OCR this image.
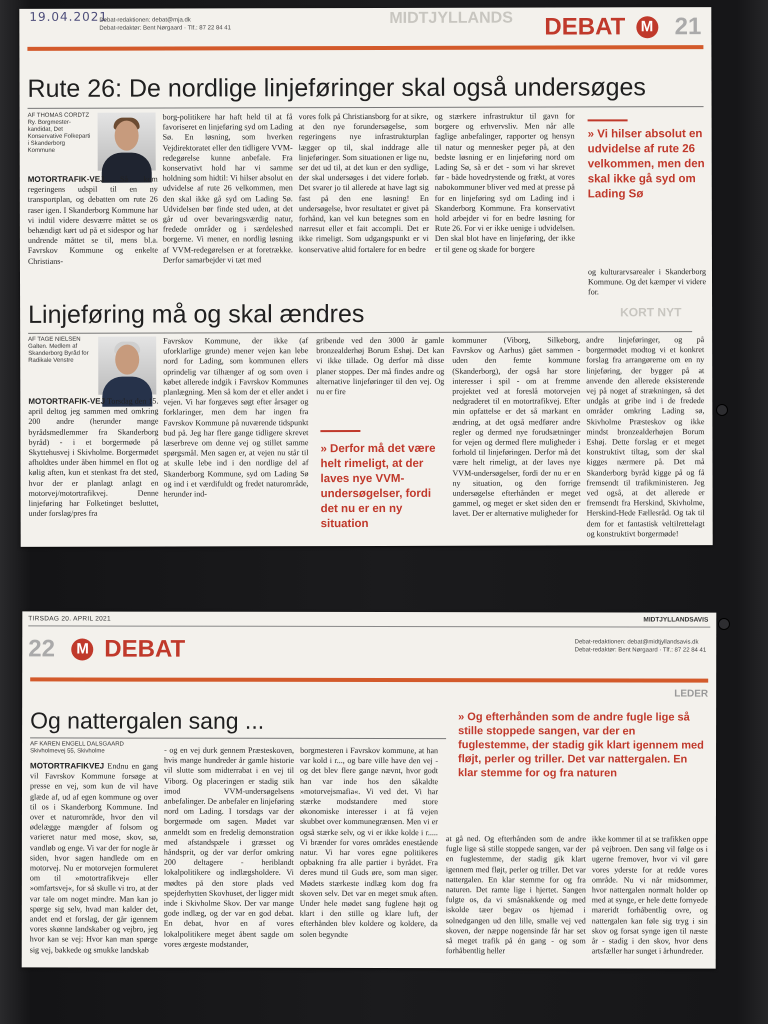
19.04.2021
Debat-redaktionen: debat@mja.dk
Debat-redaktør: Bent Nørgaard · Tlf.: 87 22 84 41
MIDTJYLLANDS DEBAT M 21
Rute 26: De nordlige linjeføringer skal også undersøges
AF THOMAS CORDTZ
Ry. Borgmester-
kandidat, Det
Konservative Folkeparti
i Skanderborg
Kommune
MOTORTRAFIK-VEJ Så kom regeringens udspil til en ny transportplan, og debatten om rute 26 raser igen. I Skanderborg Kommune har vi indtil videre desværre måttet se os behændigt kørt ud på et sidespor og har undrende måttet se til, mens bl.a. Favrskov Kommune og enkelte Christians-
borg-politikere har haft held til at få favoriseret en linjeføring syd om Lading Sø. En løsning, som hverken Vejdirektoratet eller den tidligere VVM-redegørelse kunne anbefale. Fra konservativt hold har vi samme holdning som hidtil: Vi hilser absolut en udvidelse af rute 26 velkommen, men den skal ikke gå syd om Lading Sø. Udvidelsen bør finde sted uden, at det går ud over bevaringsværdig natur, fredede områder og i særdeleshed borgerne. Vi mener, en nordlig løsning af VVM-redegørelsen er at foretrække. Derfor samarbejder vi tæt med
vores folk på Christiansborg for at sikre, at den nye forundersøgelse, som regeringens nye infrastrukturplan lægger op til, skal inddrage alle linjeføringer. Som situationen er lige nu, ser det ud til, at det kun er den sydlige, der skal undersøges i det videre forløb. Det svarer jo til allerede at have lagt sig fast på den ene løsning! En undersøgelse, hvor resultatet er givet på forhånd, kan vel kun betegnes som en narresut eller et fait accompli. Det er ikke rimeligt. Som udgangspunkt er vi konservative altid fortalere for en bedre
og stærkere infrastruktur til gavn for borgere og erhvervsliv. Men når alle faglige anbefalinger, rapporter og hensyn til natur og mennesker peger på, at den bedste løsning er en linjeføring nord om Lading Sø, så er det - som vi har skrevet før - både hovedrystende og frækt, at vores nabokommuner bliver ved med at presse på for en linjeføring syd om Lading ind i Skanderborg Kommune. Fra konservativt hold arbejder vi for en bedre løsning for Rute 26. For vi er ikke uenige i udvidelsen. Den skal blot have en linjeføring, der ikke er til gene og skade for borgere
» Vi hilser absolut en udvidelse af rute 26 velkommen, men den skal ikke gå syd om Lading Sø
og kulturarvsarealer i Skanderborg Kommune. Og det kæmper vi videre for.
KORT NYT
Linjeføring må og skal ændres
AF TAGE NIELSEN
Galten. Medlem af
Skanderborg Byråd for
Radikale Venstre
MOTORTRAFIK-VEJ Torsdag den 15. april deltog jeg sammen med omkring 200 andre (herunder mange byrådsmedlemmer fra Skanderborg byråd) - i et borgermøde på Skyttehusvej i Skivholme. Borgermødet afholdtes under åben himmel en flot og kølig aften, kun et stenkast fra det sted, hvor der er planlagt anlagt en motorvej/motortrafikvej. Denne linjeføring har Folketinget besluttet, under forslag/pres fra
Favrskov Kommune, der ikke (af uforklarlige grunde) mener vejen kan lebe nord for Lading, som kommunen ellers oprindelig var tilhænger af og som oven i købet allerede indgik i Favrskov Kommunes planlægning. Men så kom der et eller andet i vejen. Vi har forgæves søgt efter årsager og forklaringer, men dem har ingen fra Favrskov Kommune på nuværende tidspunkt bud på. Jeg har flere gange tidligere skrevet læserbreve om denne vej og stillet samme spørgsmål. Men sagen er, at vejen nu står til at skulle lebe ind i den nordlige del af Skanderborg Kommune, syd om Lading Sø og ind i et værdifuldt og fredet naturområde, herunder ind-
gribende ved den 3000 år gamle bronzealderhøj Borum Eshøj. Det kan vi ikke tillade. Og derfor må disse planer stoppes. Der må findes andre og alternative linjeføringer til den vej. Og nu er fire
» Derfor må det være helt rimeligt, at der laves nye VVM-undersøgelser, fordi det nu er en ny situation
kommuner (Viborg, Silkeborg, Favrskov og Aarhus) gået sammen - uden den femte kommune (Skanderborg), der også har store interesser i spil - om at fremme projektet ved at foreslå motorvejen nedgraderet til en motortrafikvej. Efter min opfattelse er det så markant en ændring, at det også medfører andre regler og dermed nye forudsætninger for vejen og dermed flere muligheder i forhold til linjeføringen. Derfor må det være helt rimeligt, at der laves nye VVM-undersøgelser, fordi der nu er en ny situation, og den forrige undersøgelse efterhånden er meget gammel, og meget er sket siden den er lavet. Der er alternative muligheder for
andre linjeføringer, og på borgermødet modtog vi et konkret forslag fra arrangørerne om en ny linjeføring, der bygger på at anvende den allerede eksisterende vej på noget af strækningen, så det undgås at gribe ind i de fredede områder omkring Lading sø, Skivholme Præsteskov og ikke mindst bronzealderhøjen Borum Eshøj. Dette forslag er et meget konstruktivt tiltag, som der skal kigges nærmere på. Det må Skanderborg byråd kigge på og få fremsendt til trafikministeren. Jeg ved også, at det allerede er fremsendt fra Herskind, Skivholme, Herskind-Hede Fællesråd. Og tak til dem for et fantastisk veltilrettelagt og konstruktivt borgermøde!
TIRSDAG 20. APRIL 2021	MIDTJYLLANDSAVIS
22 M DEBAT	Debat-redaktionen: debat@midtjyllandsavis.dk
Debat-redaktør: Bent Nørgaard · Tlf.: 87 22 84 41
LEDER
Og nattergalen sang ...
AF KAREN ENGELL DALSGAARD
Skivholmevej 55, Skivholme
MOTORTRAFIKVEJ Endnu en gang vil Favrskov Kommune forsøge at presse en vej, som kun de vil have glæde af, ud af egen kommune og over til os i Skanderborg Kommune. Ind over et naturområde, hvor den vil ødelægge mængder af folsom og varieret natur med mose, skov, sø, vandløb og enge. Vi var der for nogle år siden, hvor sagen handlede om en motorvej. Nu er motorvejen formuleret om til »motortrafikvej« eller »omfartsvej«, for så skulle vi tro, at der var tale om noget mindre. Man kan jo spørge sig selv, hvad man kalder det, andet end et forslag, der går igennem vores skønne landskaber og vejbro, jeg hvor kan se vej: Hvor kan man spørge sig vej, bakkede og smukke landskab
- og en vej durk gennem Præsteskoven, hvis mange hundreder år gamle historie vil slutte som midterrabat i en vej til Viborg. Og placeringen er stadig stik imod VVM-undersøgelsens anbefalinger. De anbefaler en linjeføring nord om Lading. I torsdags var der borgermøde om sagen. Mødet var anmeldt som en fredelig demonstration med afstandspæle i græsset og håndsprit, og der var derfor omkring 200 deltagere - heriblandt lokalpolitikere og indlægsholdere. Vi mødtes på den store plads ved spejderhytten Skovhuset, der ligger midt inde i Skivholme Skov. Der var mange gode indlæg, og der var en god debat. En debat, hvor en af vores lokalpolitikere meget åbent sagde om vores ærgeste modstander,
borgmesteren i Favrskov kommune, at han var kold i r..., og bare ville have den vej - og det blev flere gange nævnt, hvor godt han var inde hos den såkaldte »motorvejsmafia«. Vi ved det. Vi har stærke modstandere med store økonomiske interesser i at få vejen skubbet over kommunegrænsen. Men vi er også stærke selv, og vi er ikke kolde i r..... Vi brænder for vores områdes enestående natur. Vi har vores egne politikeres opbakning fra alle partier i byrådet. Fra deres mund til Guds øre, som man siger. Mødets stærkeste indlæg kom dog fra skoven selv. Det var en meget smuk aften. Under hele mødet sang fuglene højt og klart i den stille og klare luft, der efterhånden blev koldere og koldere, da solen begyndte
» Og efterhånden som de andre fugle lige så stille stoppede sangen, var der en fuglestemme, der stadig gik klart igennem med fløjt, perler og triller. Det var nattergalen. En klar stemme for og fra naturen
at gå ned. Og efterhånden som de andre fugle lige så stille stoppede sangen, var der en fuglestemme, der stadig gik klart igennem med fløjt, perler og triller. Det var nattergalen. En klar stemme for og fra naturen. Det ramte lige i hjertet. Sangen fulgte os, da vi småsnakkende og med iskolde tæer begav os hjemad i solnedgangen ud den lille, smalle vej ved skoven, der næppe nogensinde får har set så meget trafik på én gang - og som forhåbentlig heller
ikke kommer til at se trafikken oppe på vejbroen. Den sang vil følge os i ugerne fremover, hvor vi vil gøre vores yderste for at redde vores område. Nu vi når midsommer, hvor nattergalen normalt holder op med at synge, er hele dette fornyede mareridt forhåbentlig ovre, og nattergalen kan føle sig tryg i sin skov og forsat synge igen til næste år - stadig i den skov, hvor dens artsfæller har sunget i århundreder.
